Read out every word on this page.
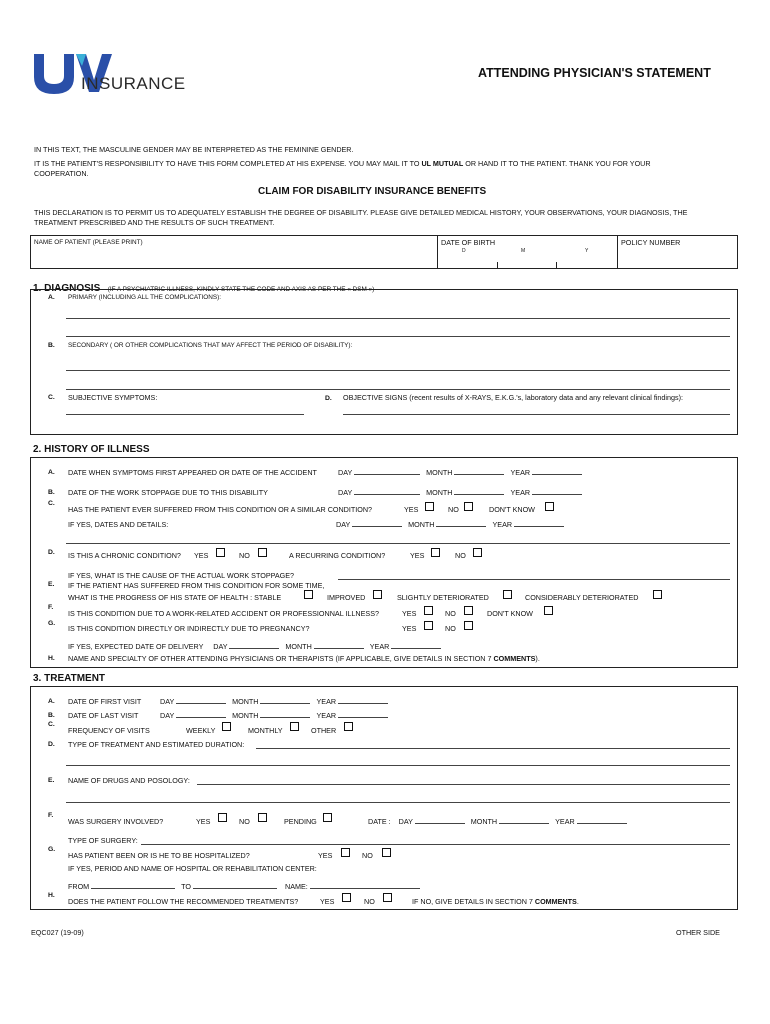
INSURANCE
ATTENDING PHYSICIAN'S STATEMENT
IN THIS TEXT, THE MASCULINE GENDER MAY BE INTERPRETED AS THE FEMININE GENDER.
IT IS THE PATIENT'S RESPONSIBILITY TO HAVE THIS FORM COMPLETED AT HIS EXPENSE. YOU MAY MAIL IT TO UL MUTUAL OR HAND IT TO THE PATIENT. THANK YOU FOR YOUR
COOPERATION.
CLAIM FOR DISABILITY INSURANCE BENEFITS
THIS DECLARATION IS TO PERMIT US TO ADEQUATELY ESTABLISH THE DEGREE OF DISABILITY. PLEASE GIVE DETAILED MEDICAL HISTORY, YOUR OBSERVATIONS, YOUR DIAGNOSIS, THE
TREATMENT PRESCRIBED AND THE RESULTS OF SUCH TREATMENT.
NAME OF PATIENT (PLEASE PRINT)	DATE OF BIRTH
D	M	Y
POLICY NUMBER
1. DIAGNOSIS (IF A PSYCHIATRIC ILLNESS, KINDLY STATE THE CODE AND AXIS AS PER THE « DSM »)
A. PRIMARY (INCLUDING ALL THE COMPLICATIONS):
B. SECONDARY ( OR OTHER COMPLICATIONS THAT MAY AFFECT THE PERIOD OF DISABILITY):
C. SUBJECTIVE SYMPTOMS:	D. OBJECTIVE SIGNS (recent results of X-RAYS, E.K.G.'s, laboratory data and any relevant clinical findings):
2. HISTORY OF ILLNESS
A. DATE WHEN SYMPTOMS FIRST APPEARED OR DATE OF THE ACCIDENT	DAY	MONTH	YEAR
B. DATE OF THE WORK STOPPAGE DUE TO THIS DISABILITY	DAY	MONTH	YEAR
C.
HAS THE PATIENT EVER SUFFERED FROM THIS CONDITION OR A SIMILAR CONDITION?	YES	NO	DON'T KNOW
IF YES, DATES AND DETAILS:	DAY	MONTH	YEAR
D. IS THIS A CHRONIC CONDITION? YES	NO	A RECURRING CONDITION?	YES	NO
IF YES, WHAT IS THE CAUSE OF THE ACTUAL WORK STOPPAGE?
E. IF THE PATIENT HAS SUFFERED FROM THIS CONDITION FOR SOME TIME,
WHAT IS THE PROGRESS OF HIS STATE OF HEALTH : STABLE	IMPROVED	SLIGHTLY DETERIORATED	CONSIDERABLY DETERIORATED
F.
IS THIS CONDITION DUE TO A WORK-RELATED ACCIDENT OR PROFESSIONNAL ILLNESS?	YES	NO	DON'T KNOW
G.
IS THIS CONDITION DIRECTLY OR INDIRECTLY DUE TO PREGNANCY?	YES	NO
IF YES, EXPECTED DATE OF DELIVERY DAY	MONTH	YEAR
H. NAME AND SPECIALTY OF OTHER ATTENDING PHYSICIANS OR THERAPISTS (IF APPLICABLE, GIVE DETAILS IN SECTION 7 COMMENTS).
3. TREATMENT
A. DATE OF FIRST VISIT	DAY	MONTH	YEAR
B. DATE OF LAST VISIT	DAY	MONTH	YEAR
C.
FREQUENCY OF VISITS	WEEKLY	MONTHLY	OTHER
D. TYPE OF TREATMENT AND ESTIMATED DURATION:
E. NAME OF DRUGS AND POSOLOGY:
F.
WAS SURGERY INVOLVED?	YES	NO	PENDING	DATE : DAY	MONTH	YEAR
TYPE OF SURGERY:
G.
HAS PATIENT BEEN OR IS HE TO BE HOSPITALIZED?	YES	NO
IF YES, PERIOD AND NAME OF HOSPITAL OR REHABILITATION CENTER:
FROM	TO	NAME:
H.
DOES THE PATIENT FOLLOW THE RECOMMENDED TREATMENTS?	YES	NO	IF NO, GIVE DETAILS IN SECTION 7 COMMENTS.
EQC027 (19-09)	OTHER SIDE
